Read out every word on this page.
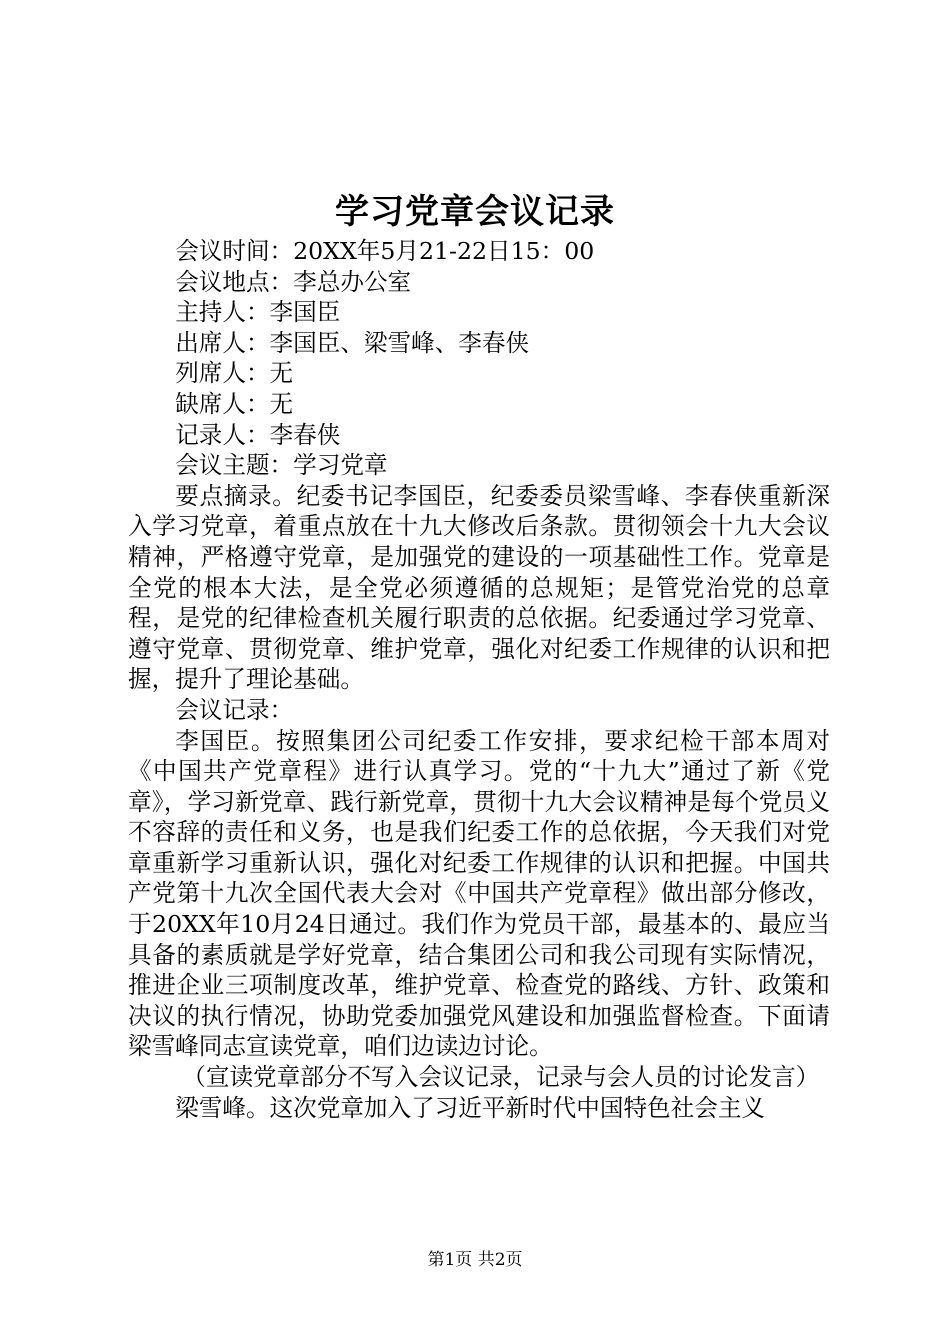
学习党章会议记录

会议时间：20XX年5月21-22日15：00

会议地点：李总办公室

主持人：李国臣

出席人：李国臣、梁雪峰、李春侠

列席人：无

缺席人：无

记录人：李春侠

会议主题：学习党章

要点摘录。纪委书记李国臣，纪委委员梁雪峰、李春侠重新深入学习党章，着重点放在十九大修改后条款。贯彻领会十九大会议精神，严格遵守党章，是加强党的建设的一项基础性工作。党章是全党的根本大法，是全党必须遵循的总规矩；是管党治党的总章程，是党的纪律检查机关履行职责的总依据。纪委通过学习党章、遵守党章、贯彻党章、维护党章，强化对纪委工作规律的认识和把握，提升了理论基础。

会议记录：

李国臣。按照集团公司纪委工作安排，要求纪检干部本周对《中国共产党章程》进行认真学习。党的“十九大”通过了新《党章》，学习新党章、践行新党章，贯彻十九大会议精神是每个党员义不容辞的责任和义务，也是我们纪委工作的总依据，今天我们对党章重新学习重新认识，强化对纪委工作规律的认识和把握。中国共产党第十九次全国代表大会对《中国共产党章程》做出部分修改，于20XX年10月24日通过。我们作为党员干部，最基本的、最应当具备的素质就是学好党章，结合集团公司和我公司现有实际情况，推进企业三项制度改革，维护党章、检查党的路线、方针、政策和决议的执行情况，协助党委加强党风建设和加强监督检查。下面请梁雪峰同志宣读党章，咱们边读边讨论。

（宣读党章部分不写入会议记录，记录与会人员的讨论发言）

梁雪峰。这次党章加入了习近平新时代中国特色社会主义

第1页 共2页
